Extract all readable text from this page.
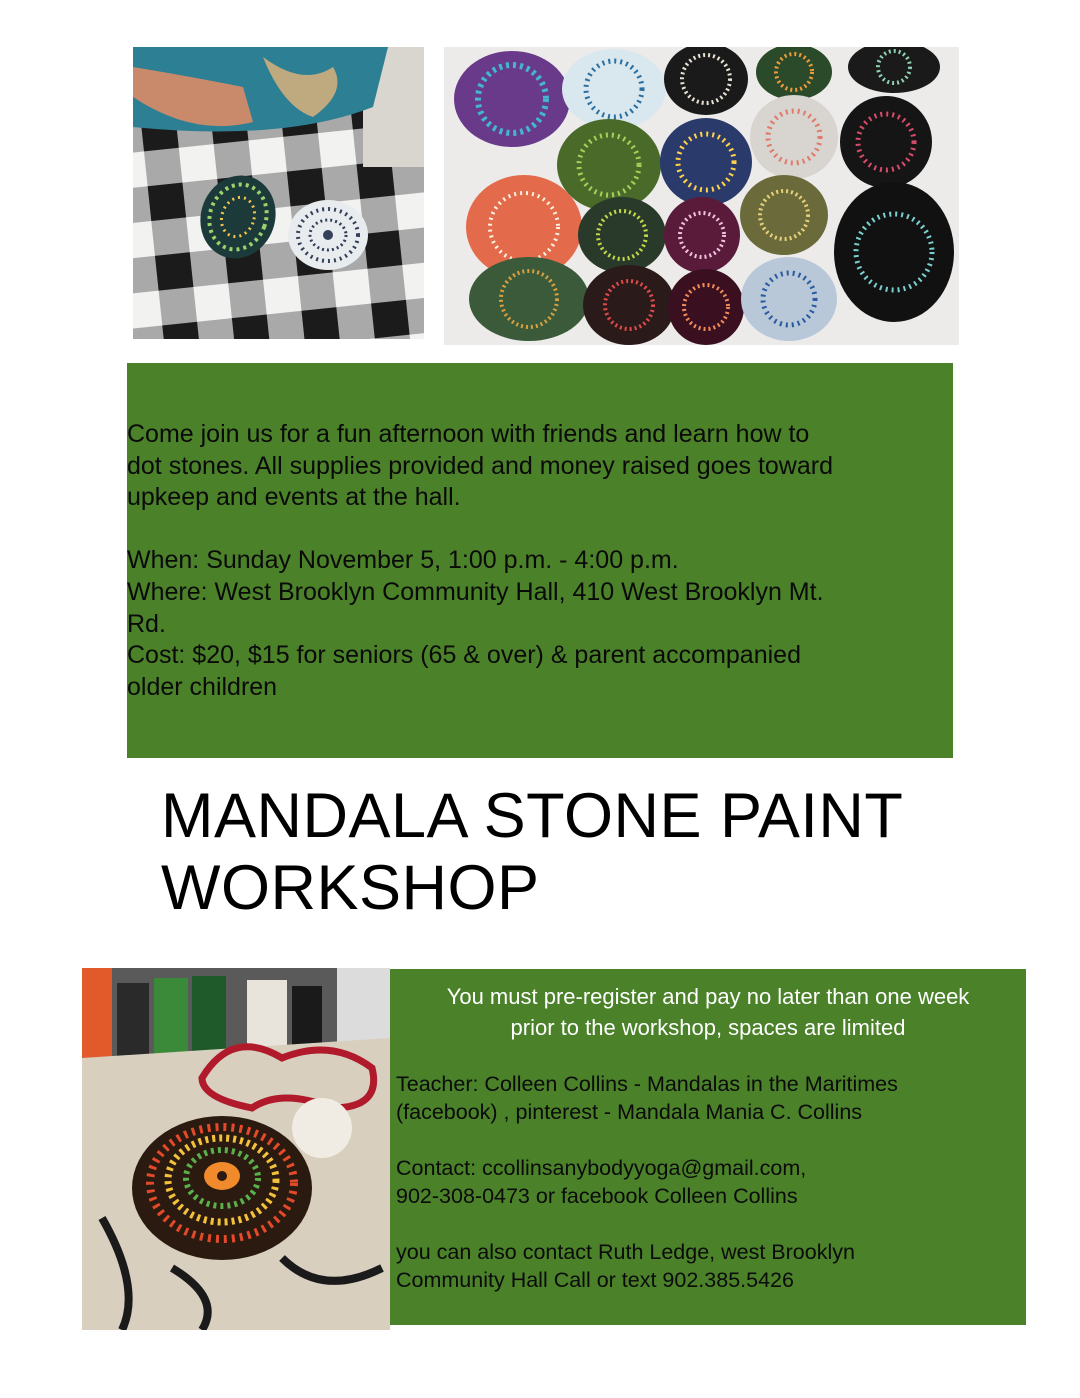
Come join us for a fun afternoon with friends and learn how to

dot stones. All supplies provided and money raised goes toward

upkeep and events at the hall.

When: Sunday November 5, 1:00 p.m. - 4:00 p.m.

Where: West Brooklyn Community Hall, 410 West Brooklyn Mt.

Rd.

Cost: $20, $15 for seniors (65 & over) & parent accompanied

older children

MANDALA STONE PAINT
WORKSHOP

You must pre-register and pay no later than one week
prior to the workshop, spaces are limited

Teacher: Colleen Collins - Mandalas in the Maritimes

(facebook) , pinterest - Mandala Mania C. Collins

Contact: ccollinsanybodyyoga@gmail.com,

902-308-0473 or facebook Colleen Collins

you can also contact Ruth Ledge, west Brooklyn

Community Hall Call or text 902.385.5426
